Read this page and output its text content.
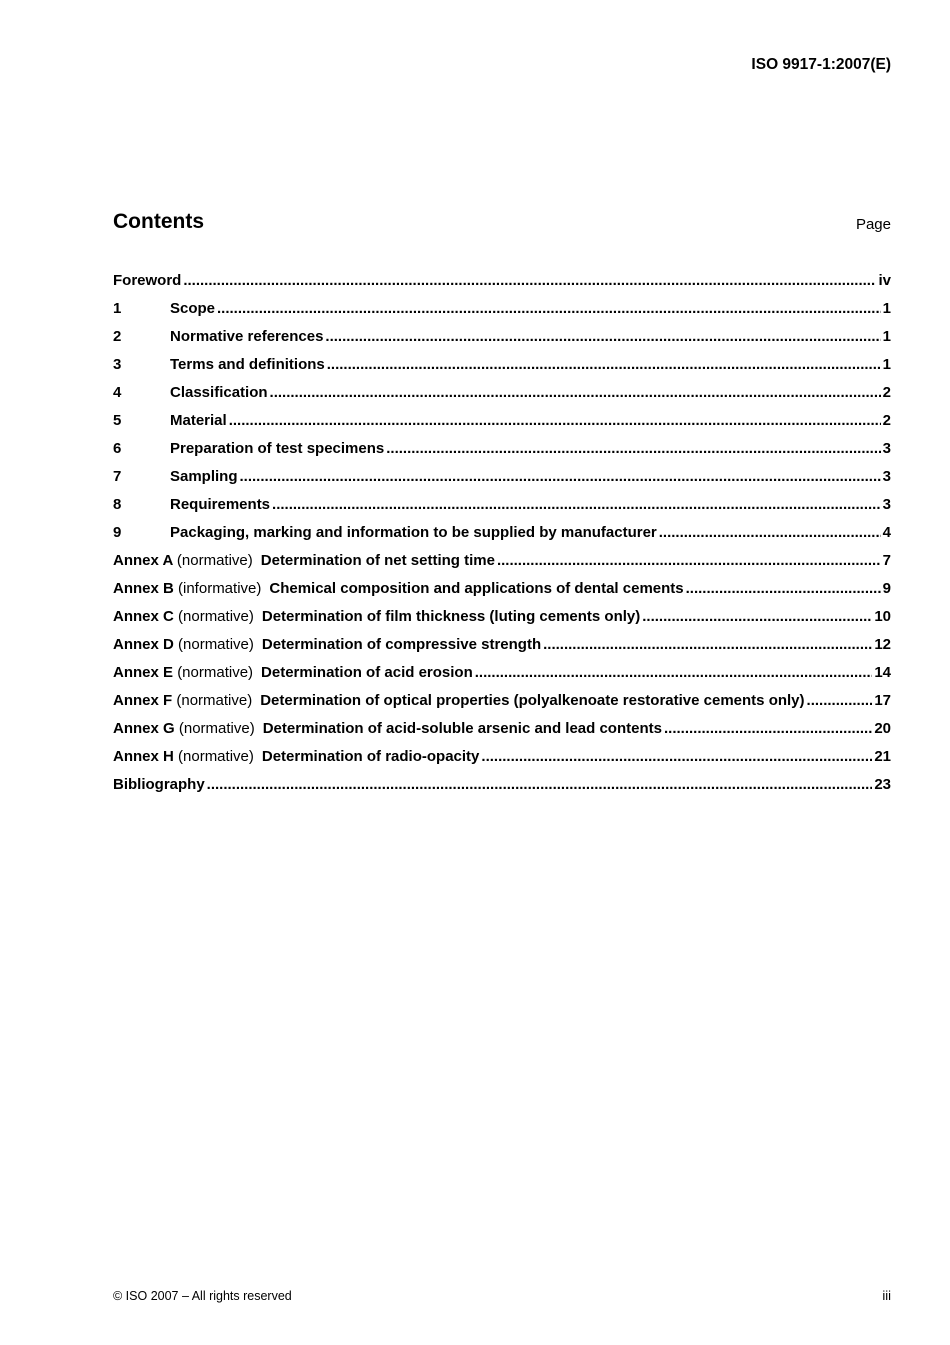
ISO 9917-1:2007(E)
Contents	Page
Foreword .....	iv
1	Scope .....	1
2	Normative references .....	1
3	Terms and definitions .....	1
4	Classification .....	2
5	Material .....	2
6	Preparation of test specimens .....	3
7	Sampling .....	3
8	Requirements .....	3
9	Packaging, marking and information to be supplied by manufacturer .....	4
Annex A (normative) Determination of net setting time .....	7
Annex B (informative) Chemical composition and applications of dental cements .....	9
Annex C (normative) Determination of film thickness (luting cements only) .....	10
Annex D (normative) Determination of compressive strength .....	12
Annex E (normative) Determination of acid erosion .....	14
Annex F (normative) Determination of optical properties (polyalkenoate restorative cements only) .....	17
Annex G (normative) Determination of acid-soluble arsenic and lead contents .....	20
Annex H (normative) Determination of radio-opacity .....	21
Bibliography .....	23
© ISO 2007 – All rights reserved	iii
